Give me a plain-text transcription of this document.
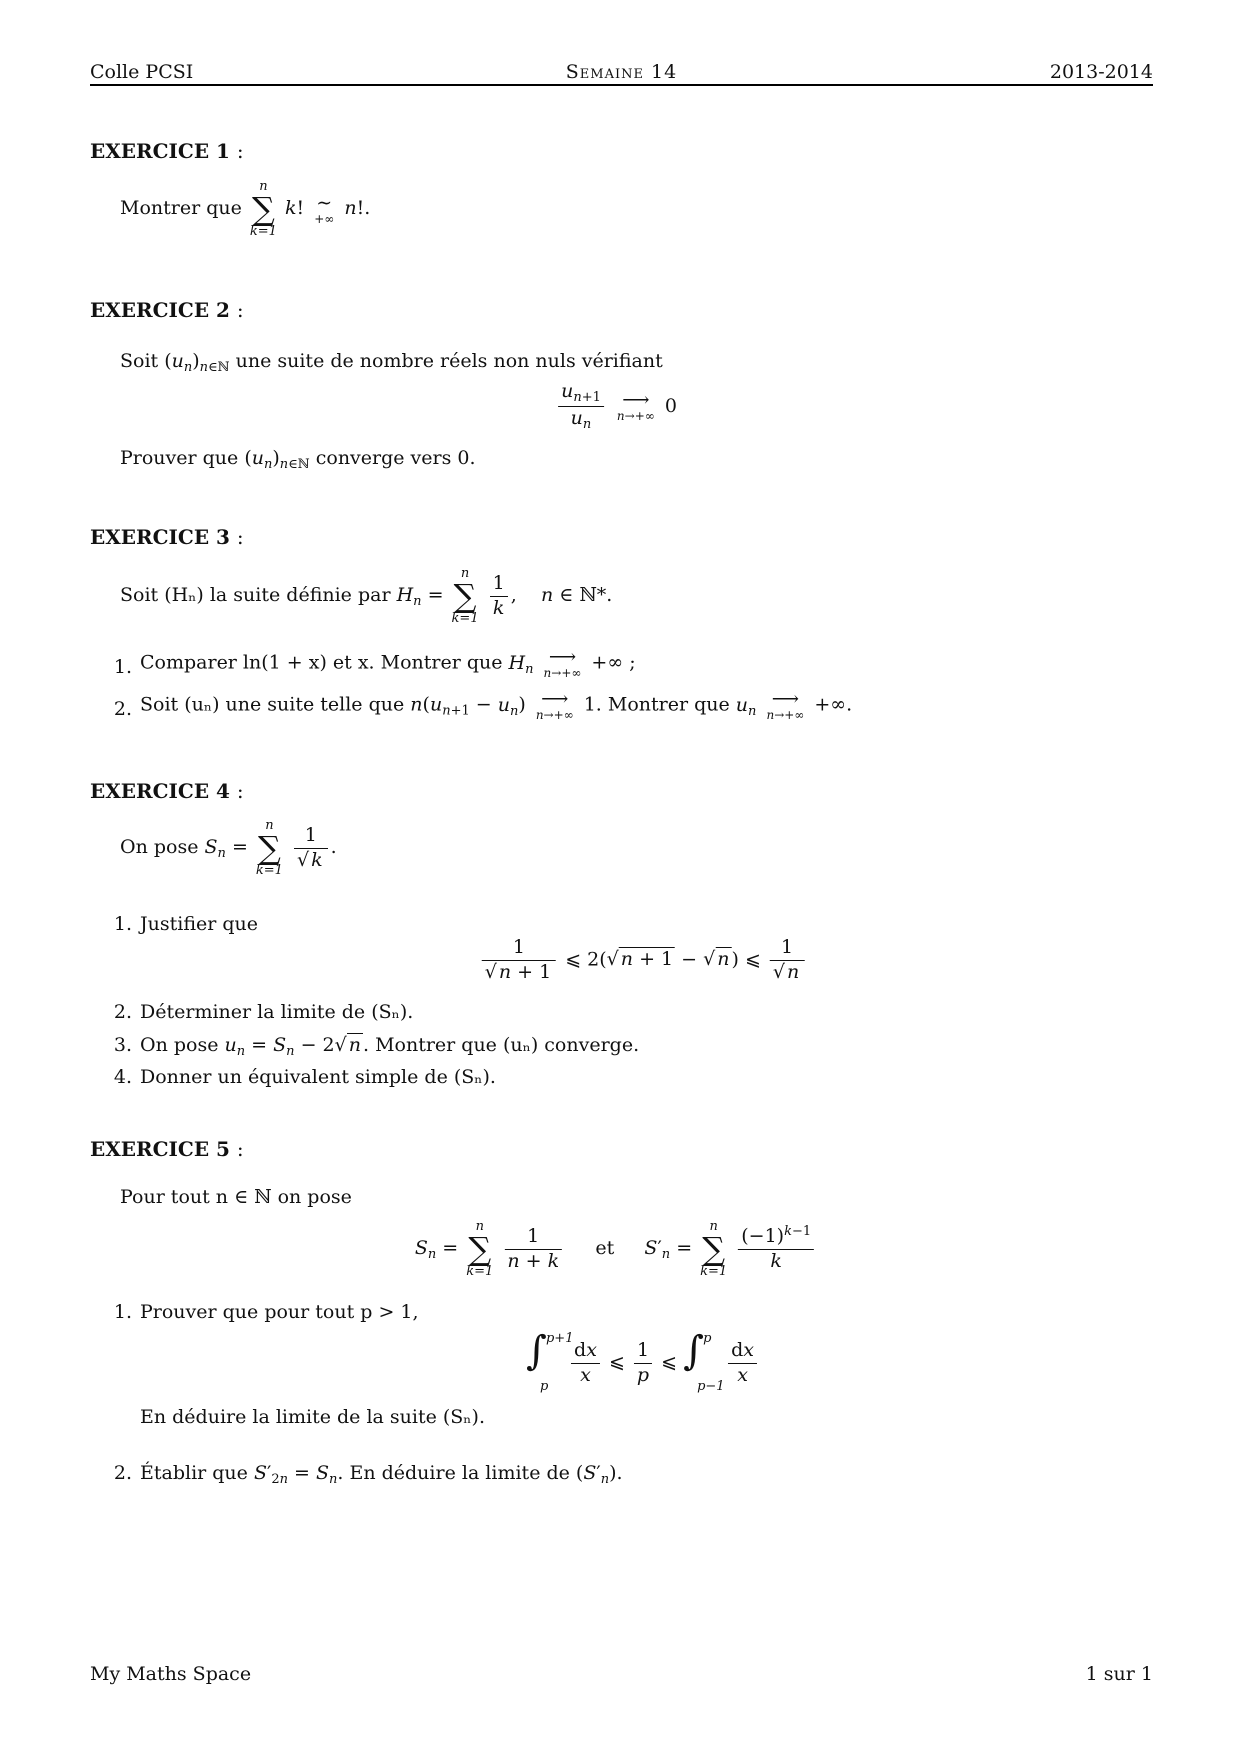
Colle PCSI	Semaine 14	2013-2014
EXERCICE 1 :
Montrer que
n
∑
k=1
k! ∼
+∞ n!.
EXERCICE 2 :
Soit $(u_n)_{n\in ℕ}$ une suite de nombre réels non nuls vérifiant
$\frac{u_{n+1}}{u_n}$
⟶
n→+∞ 0
Prouver que $(u_n)_{n\in ℕ}$ converge vers 0.
EXERCICE 3 :
Soit (Hₙ) la suite définie par $H_n$ =
n
∑
k=1
$\frac{1}{k}$ ,    n ∈ ℕ*.
1. Comparer ln(1 + x) et x. Montrer que $H_n$
⟶
n→+∞ +∞ ;
2. Soit (uₙ) une suite telle que $n(u_{n+1} - u_n)$ ⟶
n→+∞ 1. Montrer que $u_n$
⟶
n→+∞ +∞.
EXERCICE 4 :
On pose $S_n$ =
n
∑
k=1
$\frac{1}{√ k}$ .
1. Justifier que
$\frac{1}{√ n + 1}$ ⩽ 2(√ n + 1 − √ n ) ⩽ $\frac{1}{√ n}$
2. Déterminer la limite de (Sₙ).
3. On pose $u_n = S_n - 2√$ n . Montrer que (uₙ) converge.
4. Donner un équivalent simple de (Sₙ).
EXERCICE 5 :
Pour tout n ∈ ℕ on pose
$S_n$ =
n
∑
k=1
$\frac{1}{n + k}$ et $S'_n$ =
n
∑
k=1
$\frac{(-1)^{k-1}}{k}$
1. Prouver que pour tout p > 1,
∫ p+1
p
$\frac{dx}{x}$ ⩽ $\frac{1}{p}$ ⩽ ∫ p
p−1
$\frac{dx}{x}$
En déduire la limite de la suite (Sₙ).
2. Établir que $S'_{2n} = S_n$. En déduire la limite de $(S'_n)$.
My Maths Space	1 sur 1
